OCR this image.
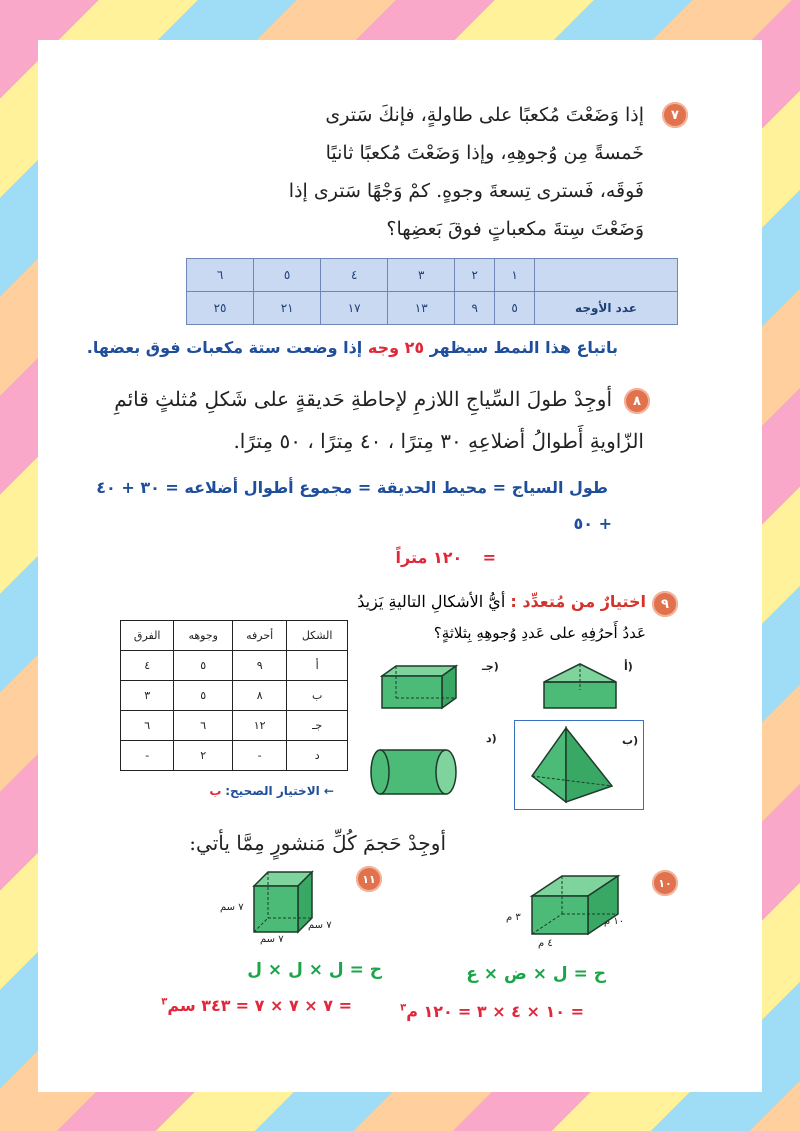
٧
إذا وَضَعْتَ مُكعبًا على طاولةٍ، فإنكَ سَترى
خَمسةً مِن وُجوهِهِ، وإذا وَضَعْتَ مُكعبًا ثانيًا
فَوقَه، فَسترى تِسعةَ وجوهٍ. كمْ وَجْهًا سَترى إذا
وَضَعْتَ سِتةَ مكعباتٍ فوقَ بَعضِها؟
	١	٢	٣	٤	٥	٦
عدد الأوجه	٥	٩	١٣	١٧	٢١	٢٥
باتباع هذا النمط سيظهر ٢٥ وجه إذا وضعت ستة مكعبات فوق بعضها.
٨
أوجِدْ طولَ السِّياجِ اللازمِ لإحاطةِ حَديقةٍ على شَكلِ مُثلثٍ قائمِ
الزّاويةِ أَطوالُ أضلاعِهِ ٣٠ مِترًا ، ٤٠ مِترًا ، ٥٠ مِترًا.
طول السياج = محيط الحديقة = مجموع أطوال أضلاعه = ٣٠ + ٤٠
+ ٥٠
=    ١٢٠ متراً
٩
اختيارٌ من مُتعدِّد : أيُّ الأشكالِ التاليةِ يَزيدُ
عَددُ أَحرُفِهِ على عَددِ وُجوهِهِ بِثلاثةٍ؟
الشكل	أحرفه	وجوهه	الفرق
أ	٩	٥	٤
ب	٨	٥	٣
جـ	١٢	٦	٦
د	-	٢	-
← الاختيار الصحيح: ب
أ)
جـ)
ب)
د)
أوجِدْ حَجمَ كُلِّ مَنشورٍ مِمَّا يأتي:
١٠
٣ م
٤ م
١٠ م
ح = ل × ض × ع
= ١٠ × ٤ × ٣ = ١٢٠ م$^٣$
١١
٧ سم
٧ سم
٧ سم
ح = ل × ل × ل
= ٧ × ٧ × ٧ = ٣٤٣ سم$^٣$
